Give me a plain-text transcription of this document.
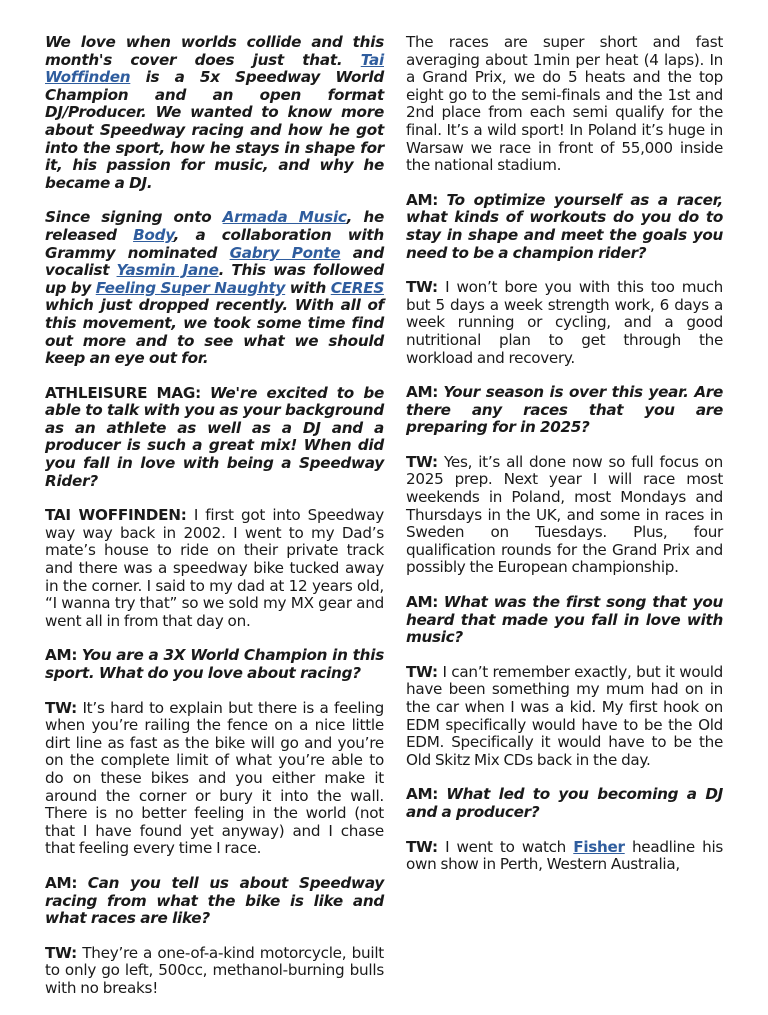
We love when worlds collide and this month's cover does just that. Tai Woffinden is a 5x Speedway World Champion and an open format DJ/Producer. We wanted to know more about Speedway racing and how he got into the sport, how he stays in shape for it, his passion for music, and why he became a DJ.

Since signing onto Armada Music, he released Body, a collaboration with Grammy nominated Gabry Ponte and vocalist Yasmin Jane. This was followed up by Feeling Super Naughty with CERES which just dropped recently. With all of this movement, we took some time find out more and to see what we should keep an eye out for.

ATHLEISURE MAG: We're excited to be able to talk with you as your background as an athlete as well as a DJ and a producer is such a great mix! When did you fall in love with being a Speedway Rider?

TAI WOFFINDEN: I first got into Speedway way way back in 2002. I went to my Dad’s mate’s house to ride on their private track and there was a speedway bike tucked away in the corner. I said to my dad at 12 years old, “I wanna try that” so we sold my MX gear and went all in from that day on.

AM: You are a 3X World Champion in this sport. What do you love about racing?

TW: It’s hard to explain but there is a feeling when you’re railing the fence on a nice little dirt line as fast as the bike will go and you’re on the complete limit of what you’re able to do on these bikes and you either make it around the corner or bury it into the wall. There is no better feeling in the world (not that I have found yet anyway) and I chase that feeling every time I race.

AM: Can you tell us about Speedway racing from what the bike is like and what races are like?

TW: They’re a one-of-a-kind motorcycle, built to only go left, 500cc, methanol-burning bulls with no breaks!

The races are super short and fast averaging about 1min per heat (4 laps). In a Grand Prix, we do 5 heats and the top eight go to the semi-finals and the 1st and 2nd place from each semi qualify for the final. It’s a wild sport! In Poland it’s huge in Warsaw we race in front of 55,000 inside the national stadium.

AM: To optimize yourself as a racer, what kinds of workouts do you do to stay in shape and meet the goals you need to be a champion rider?

TW: I won’t bore you with this too much but 5 days a week strength work, 6 days a week running or cycling, and a good nutritional plan to get through the workload and recovery.

AM: Your season is over this year. Are there any races that you are preparing for in 2025?

TW: Yes, it’s all done now so full focus on 2025 prep. Next year I will race most weekends in Poland, most Mondays and Thursdays in the UK, and some in races in Sweden on Tuesdays. Plus, four qualification rounds for the Grand Prix and possibly the European championship.

AM: What was the first song that you heard that made you fall in love with music?

TW: I can’t remember exactly, but it would have been something my mum had on in the car when I was a kid. My first hook on EDM specifically would have to be the Old EDM. Specifically it would have to be the Old Skitz Mix CDs back in the day.

AM: What led to you becoming a DJ and a producer?

TW: I went to watch Fisher headline his own show in Perth, Western Australia,
